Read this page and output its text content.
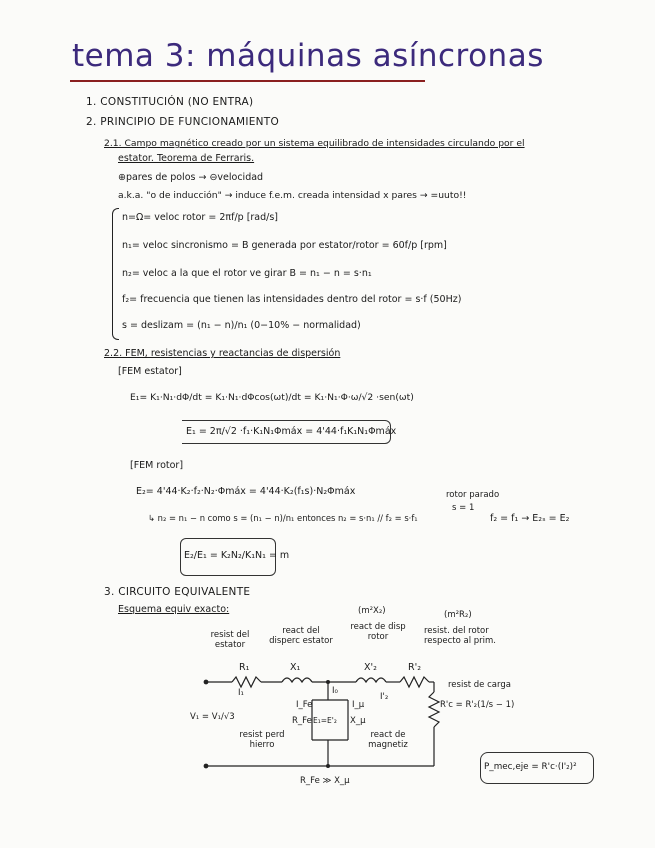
tema 3: máquinas asíncronas
1. CONSTITUCIÓN (NO ENTRA)
2. PRINCIPIO DE FUNCIONAMIENTO
2.1. Campo magnético creado por un sistema equilibrado de intensidades circulando por el
estator. Teorema de Ferraris.
⊕pares de polos → ⊖velocidad
a.k.a. "o de inducción" → induce f.e.m. creada intensidad x pares → =uuto!!
n=Ω= veloc rotor = 2πf/p [rad/s]
n₁= veloc sincronismo = B generada por estator/rotor = 60f/p [rpm]
n₂= veloc a la que el rotor ve girar B = n₁ − n = s·n₁
f₂= frecuencia que tienen las intensidades dentro del rotor = s·f (50Hz)
s = deslizam = (n₁ − n)/n₁ (0−10% − normalidad)
2.2. FEM, resistencias y reactancias de dispersión
[FEM estator]
E₁= K₁·N₁·dΦ/dt = K₁·N₁·dΦcos(ωt)/dt = K₁·N₁·Φ·ω/√2 ·sen(ωt)
E₁ = 2π/√2 ·f₁·K₁N₁Φmáx = 4'44·f₁K₁N₁Φmáx
[FEM rotor]
E₂= 4'44·K₂·f₂·N₂·Φmáx = 4'44·K₂(f₁s)·N₂Φmáx	rotor parado
s = 1
↳ n₂ = n₁ − n como s = (n₁ − n)/n₁ entonces n₂ = s·n₁ // f₂ = s·f₁	f₂ = f₁ → E₂ₛ = E₂
E₂/E₁ = K₂N₂/K₁N₁ = m
3. CIRCUITO EQUIVALENTE
Esquema equiv exacto:
resist del estator
react del disperc estator
(m²X₂)
react de disp rotor
(m²R₂)
resist. del rotor respecto al prim.
R₁	X₁	X'₂	R'₂
I₁	I₀
I_Fe	I_μ
I'₂
R_Fe E₁=E'₂ X_μ
V₁ = V₁/√3
resist de carga
R'c = R'₂(1/s − 1)
resist perd hierro
react de magnetiz
R_Fe ≫ X_μ
P_mec,eje = R'c·(I'₂)²
